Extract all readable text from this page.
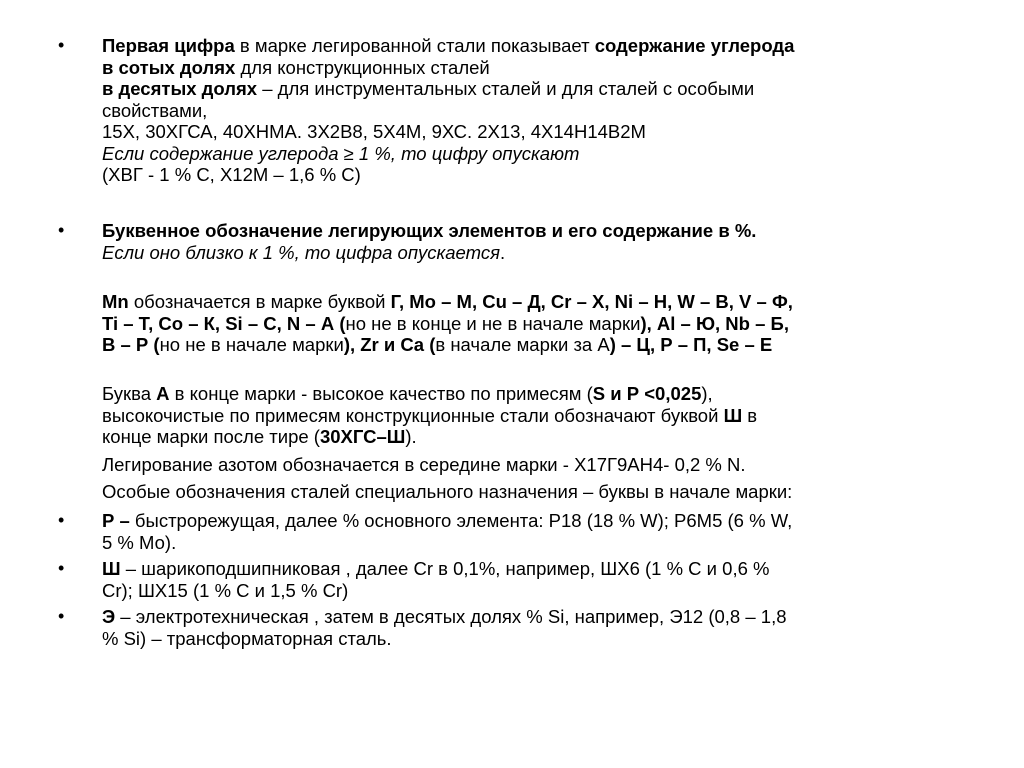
• Первая цифра в марке легированной стали показывает содержание углерода
в сотых долях для конструкционных сталей
в десятых долях – для инструментальных сталей и для сталей с особыми
свойствами,
15Х, 30ХГСА, 40ХНМА. 3Х2В8, 5Х4М, 9ХС. 2Х13, 4Х14Н14В2М
Если содержание углерода ≥ 1 %, то цифру опускают
(ХВГ - 1 % С, Х12М – 1,6 % С)
• Буквенное обозначение легирующих элементов и его содержание в %.
Если оно близко к 1 %, то цифра опускается.
Mn обозначается в марке буквой Г, Мо – М, Cu – Д, Cr – Х, Ni – Н, W – В, V – Ф,
Ti – Т, Co – К, Si – С, N – А (но не в конце и не в начале марки), Al – Ю, Nb – Б,
В – Р (но не в начале марки), Zr и Ca (в начале марки за А) – Ц, Р – П, Se – Е
Буква А в конце марки - высокое качество по примесям (S и Р <0,025),
высокочистые по примесям конструкционные стали обозначают буквой Ш в
конце марки после тире (30ХГС–Ш).
Легирование азотом обозначается в середине марки - Х17Г9АН4- 0,2 % N.
Особые обозначения сталей специального назначения – буквы в начале марки:
• Р – быстрорежущая, далее % основного элемента: Р18 (18 % W); Р6М5 (6 % W,
5 % Мо).
• Ш – шарикоподшипниковая , далее Cr в 0,1%, например, ШХ6 (1 % С и 0,6 %
Cr); ШХ15 (1 % С и 1,5 % Cr)
• Э – электротехническая , затем в десятых долях % Si, например, Э12 (0,8 – 1,8
% Si) – трансформаторная сталь.
